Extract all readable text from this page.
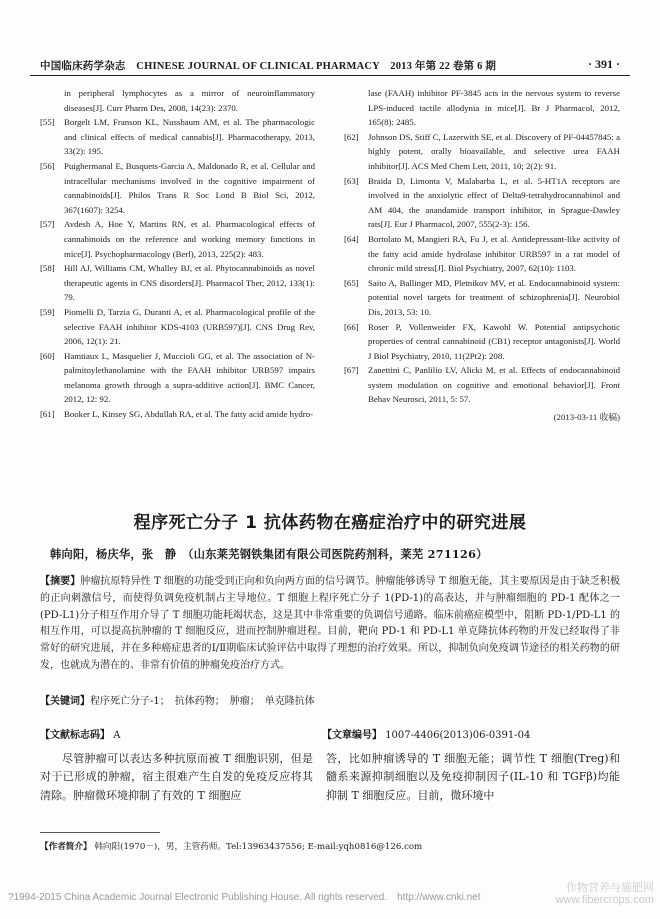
中国临床药学杂志　CHINESE JOURNAL OF CLINICAL PHARMACY　2013 年第 22 卷第 6 期	· 391 ·
in peripheral lymphocytes as a mirror of neuroinflammatory diseases[J]. Curr Pharm Des, 2008, 14(23): 2370.
[55]	Borgelt LM, Franson KL, Nussbaum AM, et al. The pharmacologic and clinical effects of medical cannabis[J]. Pharmacotherapy, 2013, 33(2): 195.
[56]	Puighermanal E, Busquets-Garcia A, Maldonado R, et al. Cellular and intracellular mechanisms involved in the cognitive impairment of cannabinoids[J]. Philos Trans R Soc Lond B Biol Sci, 2012, 367(1607): 3254.
[57]	Avdesh A, Hoe Y, Martins RN, et al. Pharmacological effects of cannabinoids on the reference and working memory functions in mice[J]. Psychopharmacology (Berl), 2013, 225(2): 483.
[58]	Hill AJ, Williams CM, Whalley BJ, et al. Phytocannabinoids as novel therapeutic agents in CNS disorders[J]. Pharmacol Ther, 2012, 133(1): 79.
[59]	Piomelli D, Tarzia G, Duranti A, et al. Pharmacological profile of the selective FAAH inhibitor KDS-4103 (URB597)[J]. CNS Drug Rev, 2006, 12(1): 21.
[60]	Hamtiaux L, Masquelier J, Muccioli GG, et al. The association of N-palmitoylethanolamine with the FAAH inhibitor URB597 impairs melanoma growth through a supra-additive action[J]. BMC Cancer, 2012, 12: 92.
[61]	Booker L, Kinsey SG, Abdullah RA, et al. The fatty acid amide hydro-
lase (FAAH) inhibitor PF-3845 acts in the nervous system to reverse LPS-induced tactile allodynia in mice[J]. Br J Pharmacol, 2012, 165(8): 2485.
[62]	Johnson DS, Stiff C, Lazerwith SE, et al. Discovery of PF-04457845: a highly potent, orally bioavailable, and selective urea FAAH inhibitor[J]. ACS Med Chem Lett, 2011, 10; 2(2): 91.
[63]	Braida D, Limonta V, Malabarba L, et al. 5-HT1A receptors are involved in the anxiolytic effect of Delta9-tetrahydrocannabinol and AM 404, the anandamide transport inhibitor, in Sprague-Dawley rats[J]. Eur J Pharmacol, 2007, 555(2-3): 156.
[64]	Bortolato M, Mangieri RA, Fu J, et al. Antidepressant-like activity of the fatty acid amide hydrolase inhibitor URB597 in a rat model of chronic mild stress[J]. Biol Psychiatry, 2007, 62(10): 1103.
[65]	Saito A, Ballinger MD, Pletnikov MV, et al. Endocannabinoid system: potential novel targets for treatment of schizophrenia[J]. Neurobiol Dis, 2013, 53: 10.
[66]	Roser P, Vollenweider FX, Kawohl W. Potential antipsychotic properties of central cannabinoid (CB1) receptor antagonists[J]. World J Biol Psychiatry, 2010, 11(2Pt2): 208.
[67]	Zanettini C, Panlilio LV, Alicki M, et al. Effects of endocannabinoid system modulation on cognitive and emotional behavior[J]. Front Behav Neurosci, 2011, 5: 57.
(2013-03-11 收稿)
程序死亡分子 1 抗体药物在癌症治疗中的研究进展
韩向阳，杨庆华，张　静　（山东莱芜钢铁集团有限公司医院药剂科，莱芜 271126）
【摘要】肿瘤抗原特异性 T 细胞的功能受到正向和负向两方面的信号调节。肿瘤能够诱导 T 细胞无能，其主要原因是由于缺乏积极的正向刺激信号，而使得负调免疫机制占主导地位。T 细胞上程序死亡分子 1(PD-1)的高表达，并与肿瘤细胞的 PD-1 配体之一(PD-L1)分子相互作用介导了 T 细胞功能耗竭状态，这是其中非常重要的负调信号通路。临床前癌症模型中，阻断 PD-1/PD-L1 的相互作用，可以提高抗肿瘤的 T 细胞反应，进而控制肿瘤进程。目前，靶向 PD-1 和 PD-L1 单克隆抗体药物的开发已经取得了非常好的研究进展，并在多种癌症患者的Ⅰ/Ⅱ期临床试验评估中取得了理想的治疗效果。所以，抑制负向免疫调节途径的相关药物的研发，也就成为潜在的、非常有价值的肿瘤免疫治疗方式。
【关键词】程序死亡分子-1；　抗体药物；　肿瘤；　单克隆抗体
【文献标志码】 A	【文章编号】 1007-4406(2013)06-0391-04
尽管肿瘤可以表达多种抗原而被 T 细胞识别，但是对于已形成的肿瘤，宿主很难产生自发的免疫反应将其清除。肿瘤微环境抑制了有效的 T 细胞应
答，比如肿瘤诱导的 T 细胞无能；调节性 T 细胞(Treg)和髓系来源抑制细胞以及免疫抑制因子(IL-10 和 TGFβ)均能抑制 T 细胞反应。目前，微环境中
【作者简介】 韩向阳(1970－)，男，主管药师。Tel:13963437556; E-mail:yqh0816@126.com
?1994-2015 China Academic Journal Electronic Publishing House. All rights reserved.　http://www.cnki.net
作物营养与施肥网
www.fibercrops.com
